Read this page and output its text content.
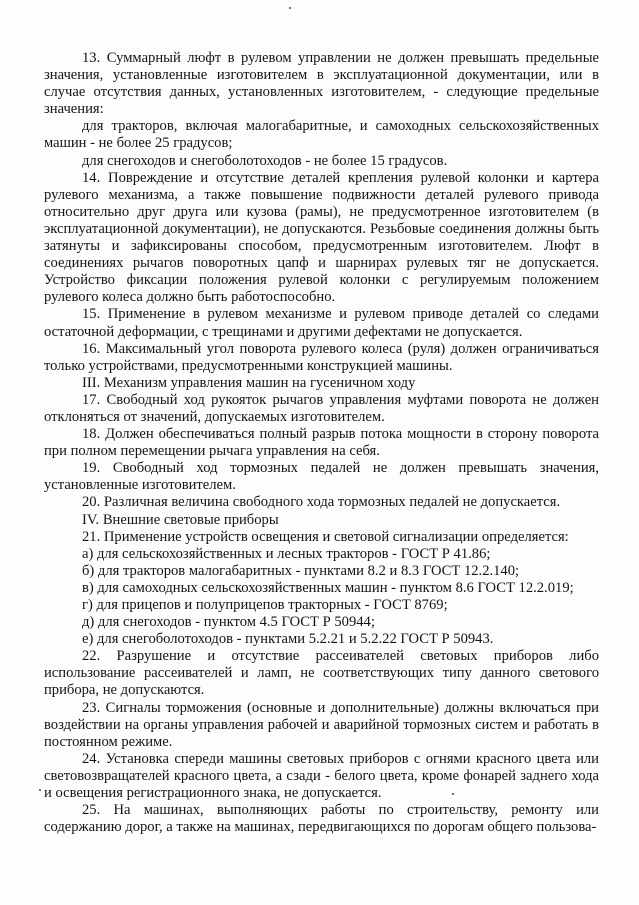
13. Суммарный люфт в рулевом управлении не должен превышать предельные значения, установленные изготовителем в эксплуатационной документации, или в случае отсутствия данных, установленных изготовителем, - следующие предельные значения:

для тракторов, включая малогабаритные, и самоходных сельскохозяйственных машин - не более 25 градусов;

для снегоходов и снегоболотоходов - не более 15 градусов.

14. Повреждение и отсутствие деталей крепления рулевой колонки и картера рулевого механизма, а также повышение подвижности деталей рулевого привода относительно друг друга или кузова (рамы), не предусмотренное изготовителем (в эксплуатационной документации), не допускаются. Резьбовые соединения должны быть затянуты и зафиксированы способом, предусмотренным изготовителем. Люфт в соединениях рычагов поворотных цапф и шарнирах рулевых тяг не допускается. Устройство фиксации положения рулевой колонки с регулируемым положением рулевого колеса должно быть работоспособно.

15. Применение в рулевом механизме и рулевом приводе деталей со следами остаточной деформации, с трещинами и другими дефектами не допускается.

16. Максимальный угол поворота рулевого колеса (руля) должен ограничиваться только устройствами, предусмотренными конструкцией машины.

III. Механизм управления машин на гусеничном ходу

17. Свободный ход рукояток рычагов управления муфтами поворота не должен отклоняться от значений, допускаемых изготовителем.

18. Должен обеспечиваться полный разрыв потока мощности в сторону поворота при полном перемещении рычага управления на себя.

19. Свободный ход тормозных педалей не должен превышать значения, установленные изготовителем.

20. Различная величина свободного хода тормозных педалей не допускается.

IV. Внешние световые приборы

21. Применение устройств освещения и световой сигнализации определяется:

а) для сельскохозяйственных и лесных тракторов - ГОСТ Р 41.86;

б) для тракторов малогабаритных - пунктами 8.2 и 8.3 ГОСТ 12.2.140;

в) для самоходных сельскохозяйственных машин - пунктом 8.6 ГОСТ 12.2.019;

г) для прицепов и полуприцепов тракторных - ГОСТ 8769;

д) для снегоходов - пунктом 4.5 ГОСТ Р 50944;

е) для снегоболотоходов - пунктами 5.2.21 и 5.2.22 ГОСТ Р 50943.

22. Разрушение и отсутствие рассеивателей световых приборов либо использование рассеивателей и ламп, не соответствующих типу данного светового прибора, не допускаются.

23. Сигналы торможения (основные и дополнительные) должны включаться при воздействии на органы управления рабочей и аварийной тормозных систем и работать в постоянном режиме.

24. Установка спереди машины световых приборов с огнями красного цвета или световозвращателей красного цвета, а сзади - белого цвета, кроме фонарей заднего хода и освещения регистрационного знака, не допускается.

25. На машинах, выполняющих работы по строительству, ремонту или содержанию дорог, а также на машинах, передвигающихся по дорогам общего пользова-
